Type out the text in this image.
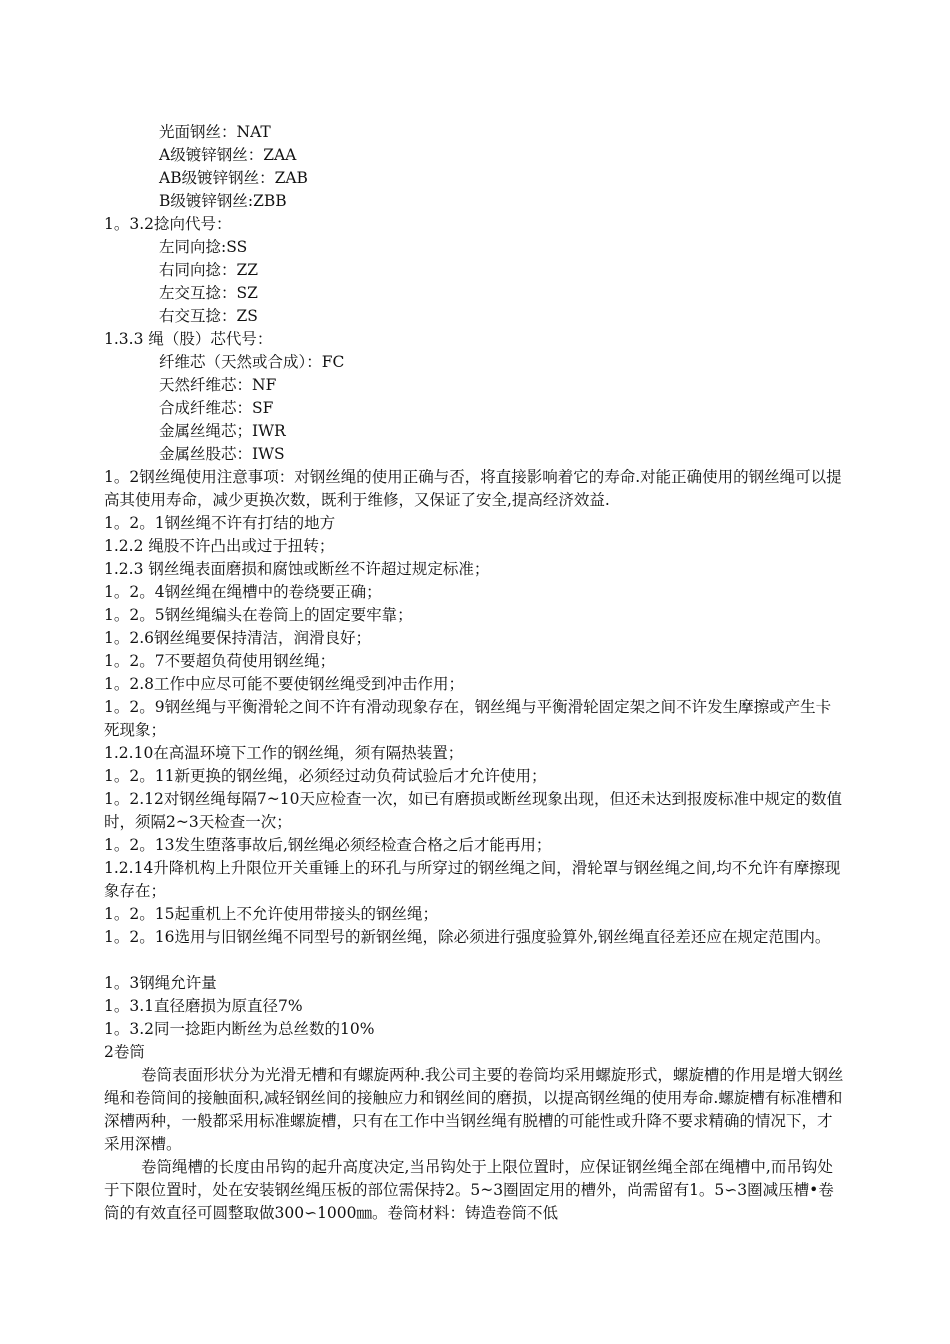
光面钢丝：NAT
A级镀锌钢丝：ZAA
AB级镀锌钢丝：ZAB
B级镀锌钢丝:ZBB
1。3.2捻向代号：
左同向捻:SS
右同向捻：ZZ
左交互捻：SZ
右交互捻：ZS
1.3.3 绳（股）芯代号：
纤维芯（天然或合成）：FC
天然纤维芯：NF
合成纤维芯：SF
金属丝绳芯；IWR
金属丝股芯：IWS
1。2钢丝绳使用注意事项：对钢丝绳的使用正确与否，将直接影响着它的寿命.对能正确使用的钢丝绳可以提高其使用寿命，减少更换次数，既利于维修，又保证了安全,提高经济效益.
1。2。1钢丝绳不许有打结的地方
1.2.2 绳股不许凸出或过于扭转；
1.2.3 钢丝绳表面磨损和腐蚀或断丝不许超过规定标准；
1。2。4钢丝绳在绳槽中的卷绕要正确；
1。2。5钢丝绳编头在卷筒上的固定要牢靠；
1。2.6钢丝绳要保持清洁，润滑良好；
1。2。7不要超负荷使用钢丝绳；
1。2.8工作中应尽可能不要使钢丝绳受到冲击作用；
1。2。9钢丝绳与平衡滑轮之间不许有滑动现象存在，钢丝绳与平衡滑轮固定架之间不许发生摩擦或产生卡死现象；
1.2.10在高温环境下工作的钢丝绳，须有隔热装置；
1。2。11新更换的钢丝绳，必须经过动负荷试验后才允许使用；
1。2.12对钢丝绳每隔7~10天应检查一次，如已有磨损或断丝现象出现，但还未达到报废标准中规定的数值时，须隔2~3天检查一次；
1。2。13发生堕落事故后,钢丝绳必须经检查合格之后才能再用；
1.2.14升降机构上升限位开关重锤上的环孔与所穿过的钢丝绳之间，滑轮罩与钢丝绳之间,均不允许有摩擦现象存在；
1。2。15起重机上不允许使用带接头的钢丝绳；
1。2。16选用与旧钢丝绳不同型号的新钢丝绳，除必须进行强度验算外,钢丝绳直径差还应在规定范围内。
1。3钢绳允许量
1。3.1直径磨损为原直径7%
1。3.2同一捻距内断丝为总丝数的10%
2卷筒
卷筒表面形状分为光滑无槽和有螺旋两种.我公司主要的卷筒均采用螺旋形式，螺旋槽的作用是增大钢丝绳和卷筒间的接触面积,减轻钢丝间的接触应力和钢丝间的磨损，以提高钢丝绳的使用寿命.螺旋槽有标准槽和深槽两种，一般都采用标准螺旋槽，只有在工作中当钢丝绳有脱槽的可能性或升降不要求精确的情况下，才采用深槽。
卷筒绳槽的长度由吊钩的起升高度决定,当吊钩处于上限位置时，应保证钢丝绳全部在绳槽中,而吊钩处于下限位置时，处在安装钢丝绳压板的部位需保持2。5~3圈固定用的槽外，尚需留有1。5∽3圈减压槽•卷筒的有效直径可圆整取做300∽1000㎜。卷筒材料：铸造卷筒不低
